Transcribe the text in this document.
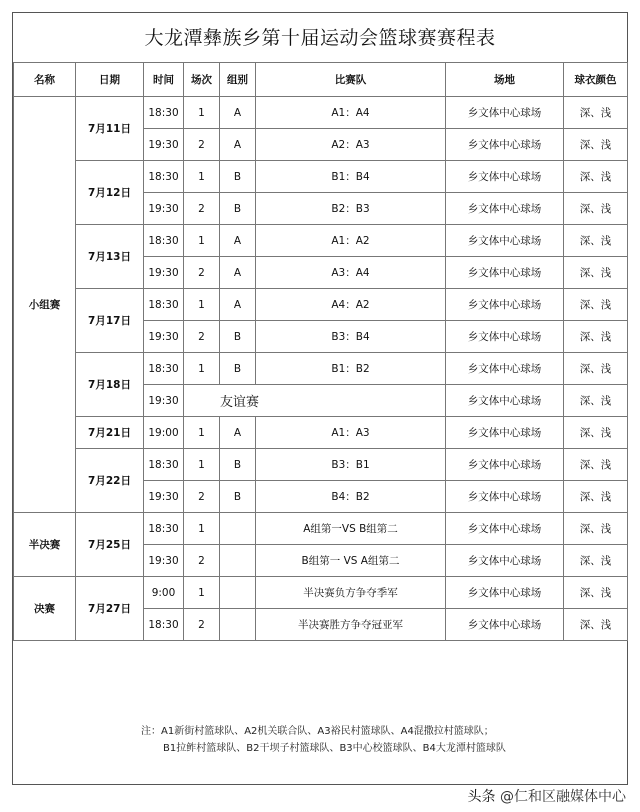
大龙潭彝族乡第十届运动会篮球赛赛程表
名称	日期	时间	场次	组别	比赛队	场地	球衣颜色
小组赛	7月11日	18:30	1	A	A1：A4	乡文体中心球场	深、浅
		19:30	2	A	A2：A3	乡文体中心球场	深、浅
	7月12日	18:30	1	B	B1：B4	乡文体中心球场	深、浅
		19:30	2	B	B2：B3	乡文体中心球场	深、浅
	7月13日	18:30	1	A	A1：A2	乡文体中心球场	深、浅
		19:30	2	A	A3：A4	乡文体中心球场	深、浅
	7月17日	18:30	1	A	A4：A2	乡文体中心球场	深、浅
		19:30	2	B	B3：B4	乡文体中心球场	深、浅
	7月18日	18:30	1	B	B1：B2	乡文体中心球场	深、浅
		19:30	友谊赛			乡文体中心球场	深、浅
	7月21日	19:00	1	A	A1：A3	乡文体中心球场	深、浅
	7月22日	18:30	1	B	B3：B1	乡文体中心球场	深、浅
		19:30	2	B	B4：B2	乡文体中心球场	深、浅
半决赛	7月25日	18:30	1		A组第一VS B组第二	乡文体中心球场	深、浅
		19:30	2		B组第一 VS A组第二	乡文体中心球场	深、浅
决赛	7月27日	9:00	1		半决赛负方争夺季军	乡文体中心球场	深、浅
		18:30	2		半决赛胜方争夺冠亚军	乡文体中心球场	深、浅
注：A1新街村篮球队、A2机关联合队、A3裕民村篮球队、A4混撒拉村篮球队；
B1拉鲊村篮球队、B2干坝子村篮球队、B3中心校篮球队、B4大龙潭村篮球队
头条 @仁和区融媒体中心
